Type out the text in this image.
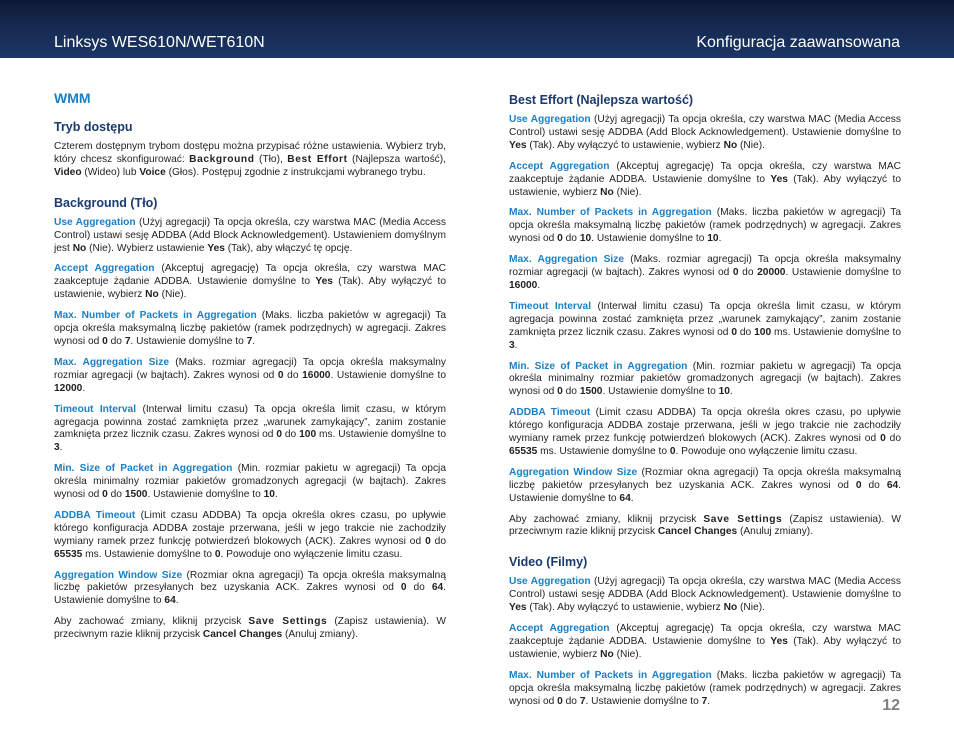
Linksys WES610N/WET610N	Konfiguracja zaawansowana
WMM
Tryb dostępu
Czterem dostępnym trybom dostępu można przypisać różne ustawienia. Wybierz tryb, który chcesz skonfigurować: Background (Tło), Best Effort (Najlepsza wartość), Video (Wideo) lub Voice (Głos). Postępuj zgodnie z instrukcjami wybranego trybu.
Background (Tło)
Use Aggregation (Użyj agregacji) Ta opcja określa, czy warstwa MAC (Media Access Control) ustawi sesję ADDBA (Add Block Acknowledgement). Ustawieniem domyślnym jest No (Nie). Wybierz ustawienie Yes (Tak), aby włączyć tę opcję.
Accept Aggregation (Akceptuj agregację) Ta opcja określa, czy warstwa MAC zaakceptuje żądanie ADDBA. Ustawienie domyślne to Yes (Tak). Aby wyłączyć to ustawienie, wybierz No (Nie).
Max. Number of Packets in Aggregation (Maks. liczba pakietów w agregacji) Ta opcja określa maksymalną liczbę pakietów (ramek podrzędnych) w agregacji. Zakres wynosi od 0 do 7. Ustawienie domyślne to 7.
Max. Aggregation Size (Maks. rozmiar agregacji) Ta opcja określa maksymalny rozmiar agregacji (w bajtach). Zakres wynosi od 0 do 16000. Ustawienie domyślne to 12000.
Timeout Interval (Interwał limitu czasu) Ta opcja określa limit czasu, w którym agregacja powinna zostać zamknięta przez „warunek zamykający”, zanim zostanie zamknięta przez licznik czasu. Zakres wynosi od 0 do 100 ms. Ustawienie domyślne to 3.
Min. Size of Packet in Aggregation (Min. rozmiar pakietu w agregacji) Ta opcja określa minimalny rozmiar pakietów gromadzonych agregacji (w bajtach). Zakres wynosi od 0 do 1500. Ustawienie domyślne to 10.
ADDBA Timeout (Limit czasu ADDBA) Ta opcja określa okres czasu, po upływie którego konfiguracja ADDBA zostaje przerwana, jeśli w jego trakcie nie zachodziły wymiany ramek przez funkcję potwierdzeń blokowych (ACK). Zakres wynosi od 0 do 65535 ms. Ustawienie domyślne to 0. Powoduje ono wyłączenie limitu czasu.
Aggregation Window Size (Rozmiar okna agregacji) Ta opcja określa maksymalną liczbę pakietów przesyłanych bez uzyskania ACK. Zakres wynosi od 0 do 64. Ustawienie domyślne to 64.
Aby zachować zmiany, kliknij przycisk Save Settings (Zapisz ustawienia). W przeciwnym razie kliknij przycisk Cancel Changes (Anuluj zmiany).
Best Effort (Najlepsza wartość)
Use Aggregation (Użyj agregacji) Ta opcja określa, czy warstwa MAC (Media Access Control) ustawi sesję ADDBA (Add Block Acknowledgement). Ustawienie domyślne to Yes (Tak). Aby wyłączyć to ustawienie, wybierz No (Nie).
Accept Aggregation (Akceptuj agregację) Ta opcja określa, czy warstwa MAC zaakceptuje żądanie ADDBA. Ustawienie domyślne to Yes (Tak). Aby wyłączyć to ustawienie, wybierz No (Nie).
Max. Number of Packets in Aggregation (Maks. liczba pakietów w agregacji) Ta opcja określa maksymalną liczbę pakietów (ramek podrzędnych) w agregacji. Zakres wynosi od 0 do 10. Ustawienie domyślne to 10.
Max. Aggregation Size (Maks. rozmiar agregacji) Ta opcja określa maksymalny rozmiar agregacji (w bajtach). Zakres wynosi od 0 do 20000. Ustawienie domyślne to 16000.
Timeout Interval (Interwał limitu czasu) Ta opcja określa limit czasu, w którym agregacja powinna zostać zamknięta przez „warunek zamykający”, zanim zostanie zamknięta przez licznik czasu. Zakres wynosi od 0 do 100 ms. Ustawienie domyślne to 3.
Min. Size of Packet in Aggregation (Min. rozmiar pakietu w agregacji) Ta opcja określa minimalny rozmiar pakietów gromadzonych agregacji (w bajtach). Zakres wynosi od 0 do 1500. Ustawienie domyślne to 10.
ADDBA Timeout (Limit czasu ADDBA) Ta opcja określa okres czasu, po upływie którego konfiguracja ADDBA zostaje przerwana, jeśli w jego trakcie nie zachodziły wymiany ramek przez funkcję potwierdzeń blokowych (ACK). Zakres wynosi od 0 do 65535 ms. Ustawienie domyślne to 0. Powoduje ono wyłączenie limitu czasu.
Aggregation Window Size (Rozmiar okna agregacji) Ta opcja określa maksymalną liczbę pakietów przesyłanych bez uzyskania ACK. Zakres wynosi od 0 do 64. Ustawienie domyślne to 64.
Aby zachować zmiany, kliknij przycisk Save Settings (Zapisz ustawienia). W przeciwnym razie kliknij przycisk Cancel Changes (Anuluj zmiany).
Video (Filmy)
Use Aggregation (Użyj agregacji) Ta opcja określa, czy warstwa MAC (Media Access Control) ustawi sesję ADDBA (Add Block Acknowledgement). Ustawienie domyślne to Yes (Tak). Aby wyłączyć to ustawienie, wybierz No (Nie).
Accept Aggregation (Akceptuj agregację) Ta opcja określa, czy warstwa MAC zaakceptuje żądanie ADDBA. Ustawienie domyślne to Yes (Tak). Aby wyłączyć to ustawienie, wybierz No (Nie).
Max. Number of Packets in Aggregation (Maks. liczba pakietów w agregacji) Ta opcja określa maksymalną liczbę pakietów (ramek podrzędnych) w agregacji. Zakres wynosi od 0 do 7. Ustawienie domyślne to 7.	12
